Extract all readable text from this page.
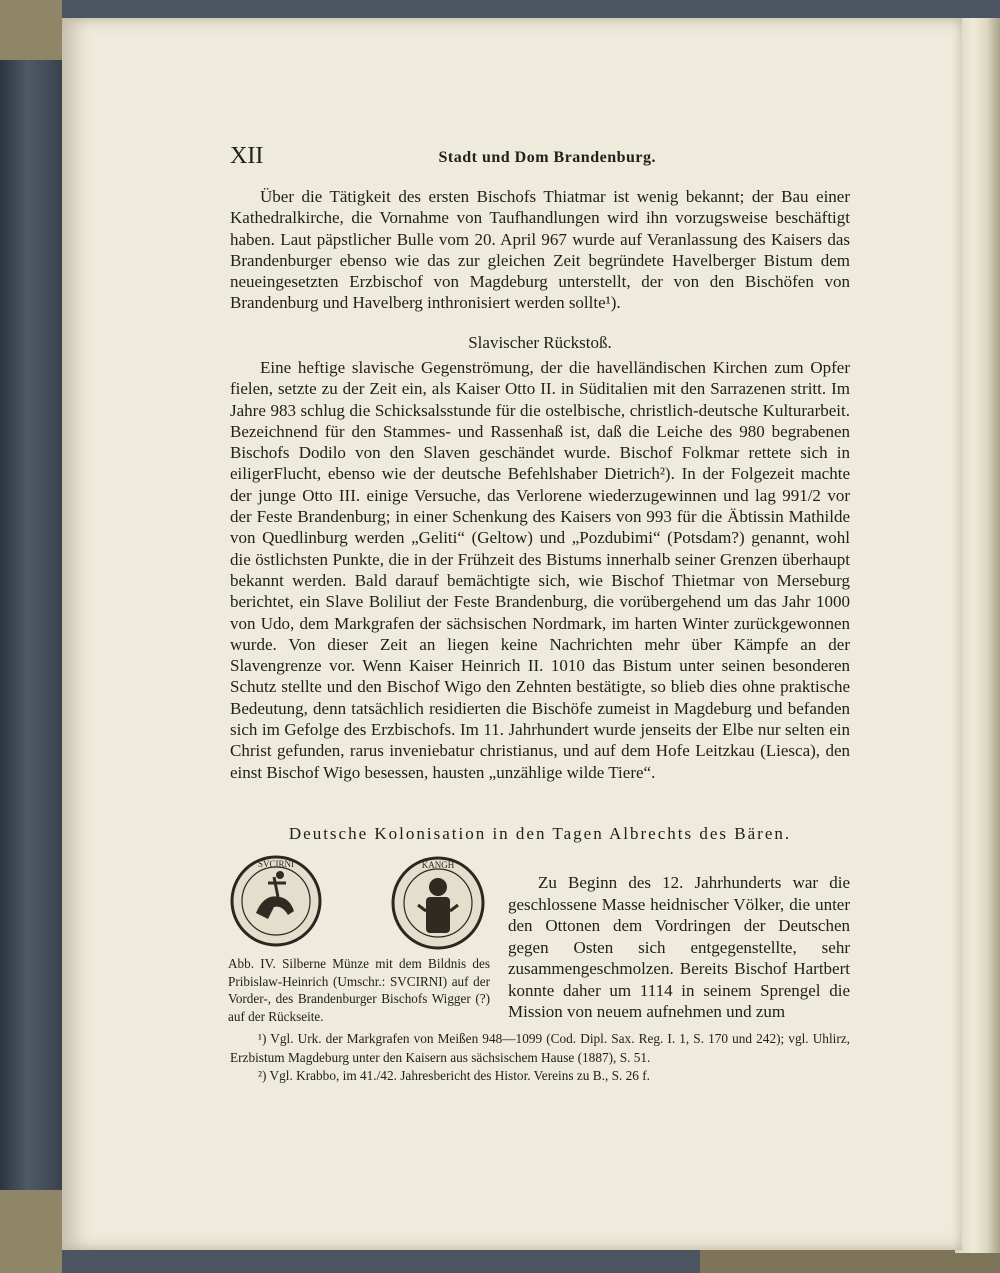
XII	Stadt und Dom Brandenburg.

Über die Tätigkeit des ersten Bischofs Thiatmar ist wenig bekannt; der Bau einer Kathedralkirche, die Vornahme von Taufhandlungen wird ihn vorzugsweise beschäftigt haben. Laut päpstlicher Bulle vom 20. April 967 wurde auf Veranlassung des Kaisers das Brandenburger ebenso wie das zur gleichen Zeit begründete Havelberger Bistum dem neueingesetzten Erzbischof von Magdeburg unterstellt, der von den Bischöfen von Brandenburg und Havelberg inthronisiert werden sollte¹).

Slavischer Rückstoß.

Eine heftige slavische Gegenströmung, der die havelländischen Kirchen zum Opfer fielen, setzte zu der Zeit ein, als Kaiser Otto II. in Süditalien mit den Sarrazenen stritt. Im Jahre 983 schlug die Schicksalsstunde für die ostelbische, christlich-deutsche Kulturarbeit. Bezeichnend für den Stammes- und Rassenhaß ist, daß die Leiche des 980 begrabenen Bischofs Dodilo von den Slaven geschändet wurde. Bischof Folkmar rettete sich in eiligerFlucht, ebenso wie der deutsche Befehlshaber Dietrich²). In der Folgezeit machte der junge Otto III. einige Versuche, das Verlorene wiederzugewinnen und lag 991/2 vor der Feste Brandenburg; in einer Schenkung des Kaisers von 993 für die Äbtissin Mathilde von Quedlinburg werden „Geliti“ (Geltow) und „Pozdubimi“ (Potsdam?) genannt, wohl die östlichsten Punkte, die in der Frühzeit des Bistums innerhalb seiner Grenzen überhaupt bekannt werden. Bald darauf bemächtigte sich, wie Bischof Thietmar von Merseburg berichtet, ein Slave Boliliut der Feste Brandenburg, die vorübergehend um das Jahr 1000 von Udo, dem Markgrafen der sächsischen Nordmark, im harten Winter zurückgewonnen wurde. Von dieser Zeit an liegen keine Nachrichten mehr über Kämpfe an der Slavengrenze vor. Wenn Kaiser Heinrich II. 1010 das Bistum unter seinen besonderen Schutz stellte und den Bischof Wigo den Zehnten bestätigte, so blieb dies ohne praktische Bedeutung, denn tatsächlich residierten die Bischöfe zumeist in Magdeburg und befanden sich im Gefolge des Erzbischofs. Im 11. Jahrhundert wurde jenseits der Elbe nur selten ein Christ gefunden, rarus inveniebatur christianus, und auf dem Hofe Leitzkau (Liesca), den einst Bischof Wigo besessen, hausten „unzählige wilde Tiere“.

Deutsche Kolonisation in den Tagen Albrechts des Bären.
SVCIRNI	KANGH
Abb. IV. Silberne Münze mit dem Bildnis des Pribislaw-Heinrich (Umschr.: SVCIRNI) auf der Vorder-, des Brandenburger Bischofs Wigger (?) auf der Rückseite.

Zu Beginn des 12. Jahrhunderts war die geschlossene Masse heidnischer Völker, die unter den Ottonen dem Vordringen der Deutschen gegen Osten sich entgegenstellte, sehr zusammengeschmolzen. Bereits Bischof Hartbert konnte daher um 1114 in seinem Sprengel die Mission von neuem aufnehmen und zum

¹) Vgl. Urk. der Markgrafen von Meißen 948—1099 (Cod. Dipl. Sax. Reg. I. 1, S. 170 und 242); vgl. Uhlirz, Erzbistum Magdeburg unter den Kaisern aus sächsischem Hause (1887), S. 51.

²) Vgl. Krabbo, im 41./42. Jahresbericht des Histor. Vereins zu B., S. 26 f.
